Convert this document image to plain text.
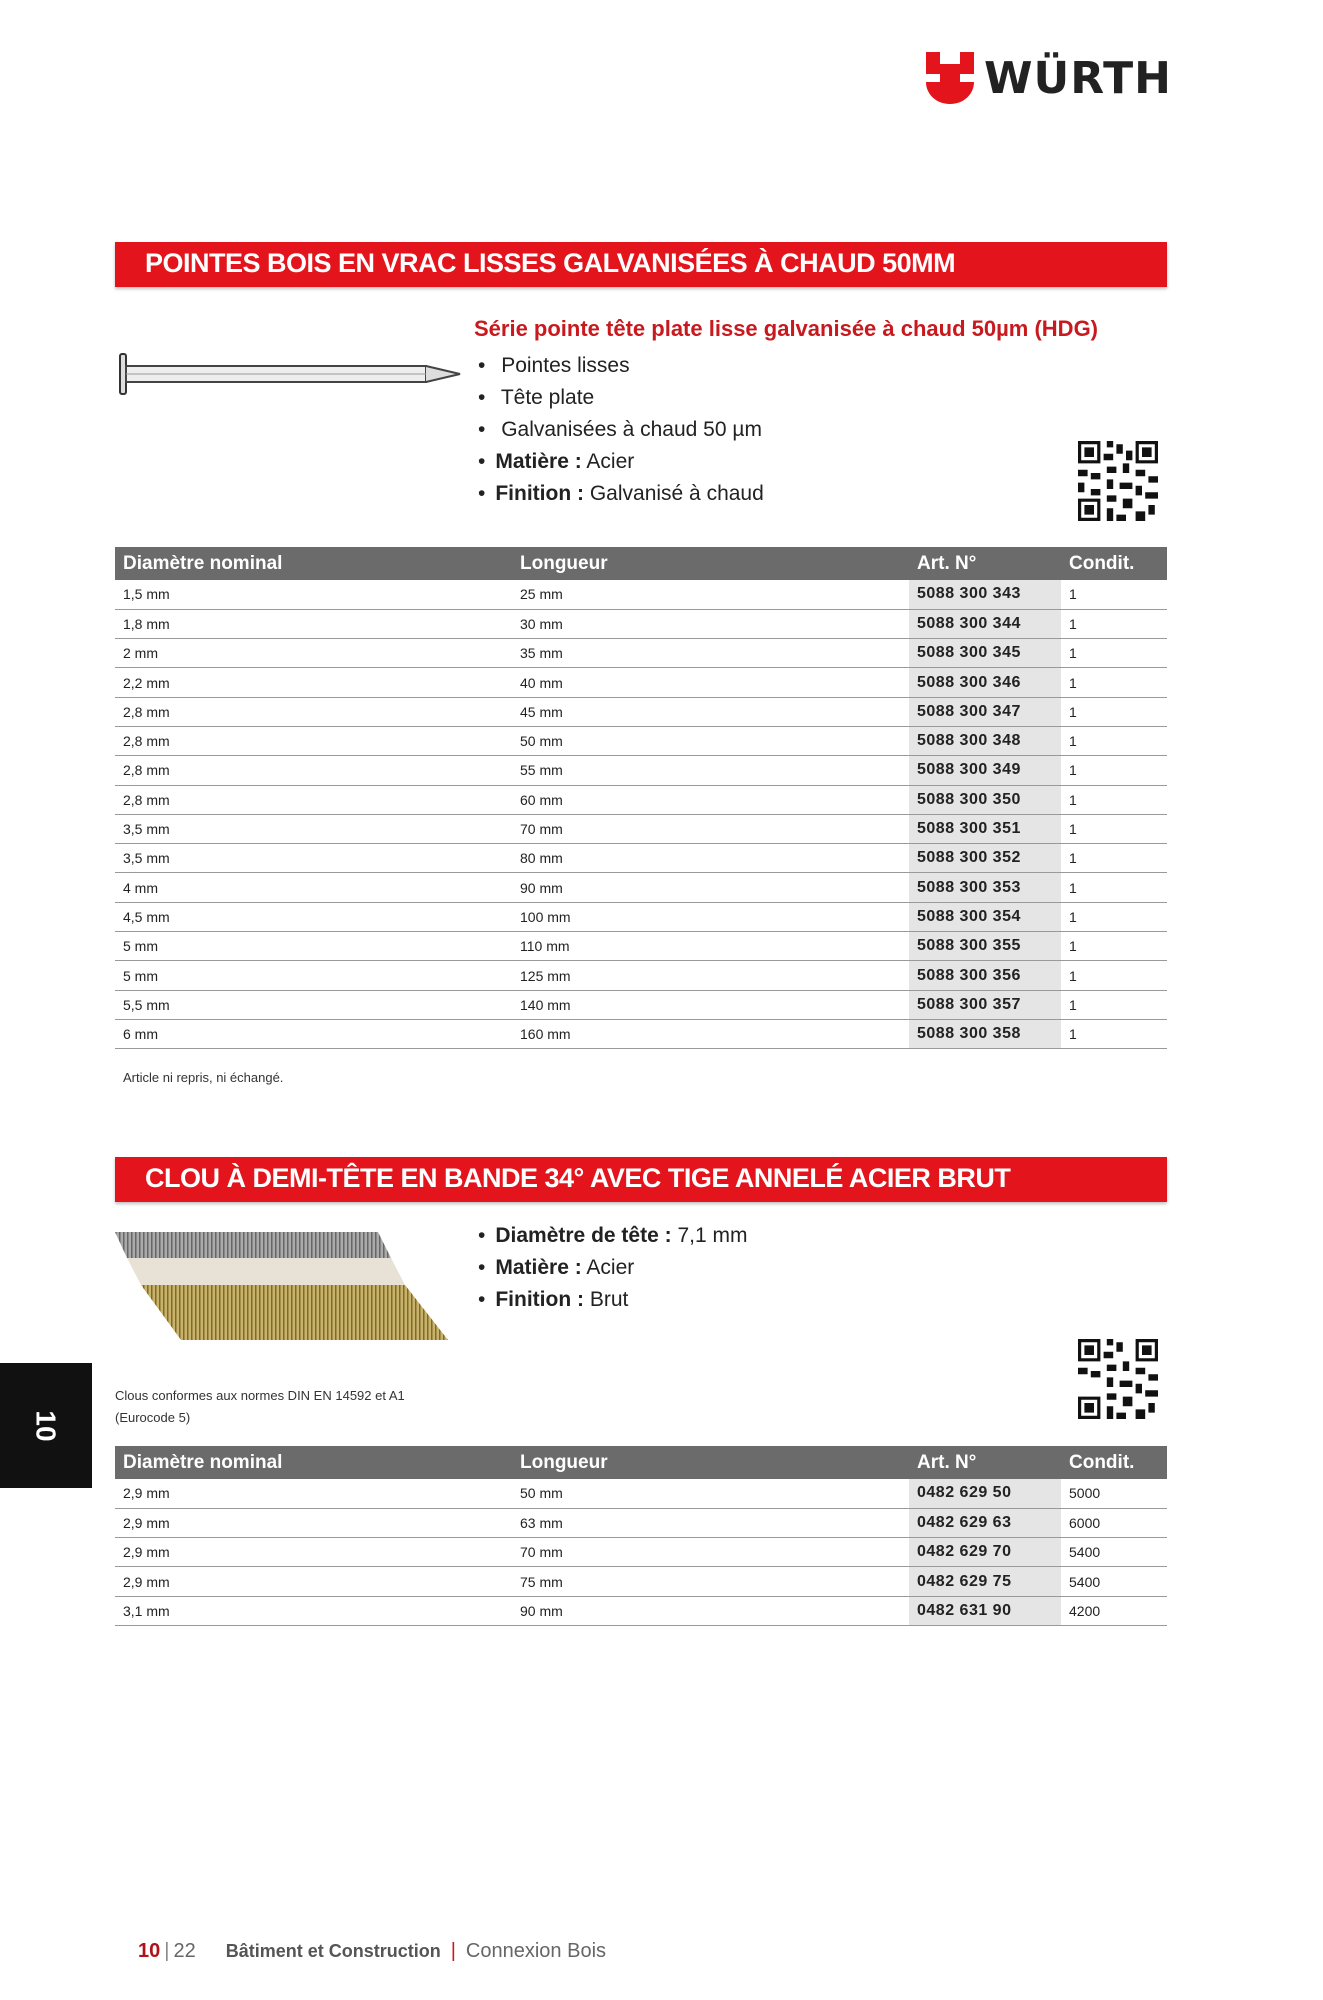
WÜRTH
POINTES BOIS EN VRAC LISSES GALVANISÉES À CHAUD 50MM
Série pointe tête plate lisse galvanisée à chaud 50µm (HDG)
• Pointes lisses
• Tête plate
• Galvanisées à chaud 50 µm
• Matière : Acier
• Finition : Galvanisé à chaud
Diamètre nominal	Longueur	Art. N°	Condit.
1,5 mm	25 mm	5088 300 343	1
1,8 mm	30 mm	5088 300 344	1
2 mm	35 mm	5088 300 345	1
2,2 mm	40 mm	5088 300 346	1
2,8 mm	45 mm	5088 300 347	1
2,8 mm	50 mm	5088 300 348	1
2,8 mm	55 mm	5088 300 349	1
2,8 mm	60 mm	5088 300 350	1
3,5 mm	70 mm	5088 300 351	1
3,5 mm	80 mm	5088 300 352	1
4 mm	90 mm	5088 300 353	1
4,5 mm	100 mm	5088 300 354	1
5 mm	110 mm	5088 300 355	1
5 mm	125 mm	5088 300 356	1
5,5 mm	140 mm	5088 300 357	1
6 mm	160 mm	5088 300 358	1
Article ni repris, ni échangé.
CLOU À DEMI-TÊTE EN BANDE 34° AVEC TIGE ANNELÉ ACIER BRUT
• Diamètre de tête : 7,1 mm
• Matière : Acier
• Finition : Brut
Clous conformes aux normes DIN EN 14592 et A1
(Eurocode 5)
Diamètre nominal	Longueur	Art. N°	Condit.
2,9 mm	50 mm	0482 629 50	5000
2,9 mm	63 mm	0482 629 63	6000
2,9 mm	70 mm	0482 629 70	5400
2,9 mm	75 mm	0482 629 75	5400
3,1 mm	90 mm	0482 631 90	4200
10
10 | 22 Bâtiment et Construction | Connexion Bois
